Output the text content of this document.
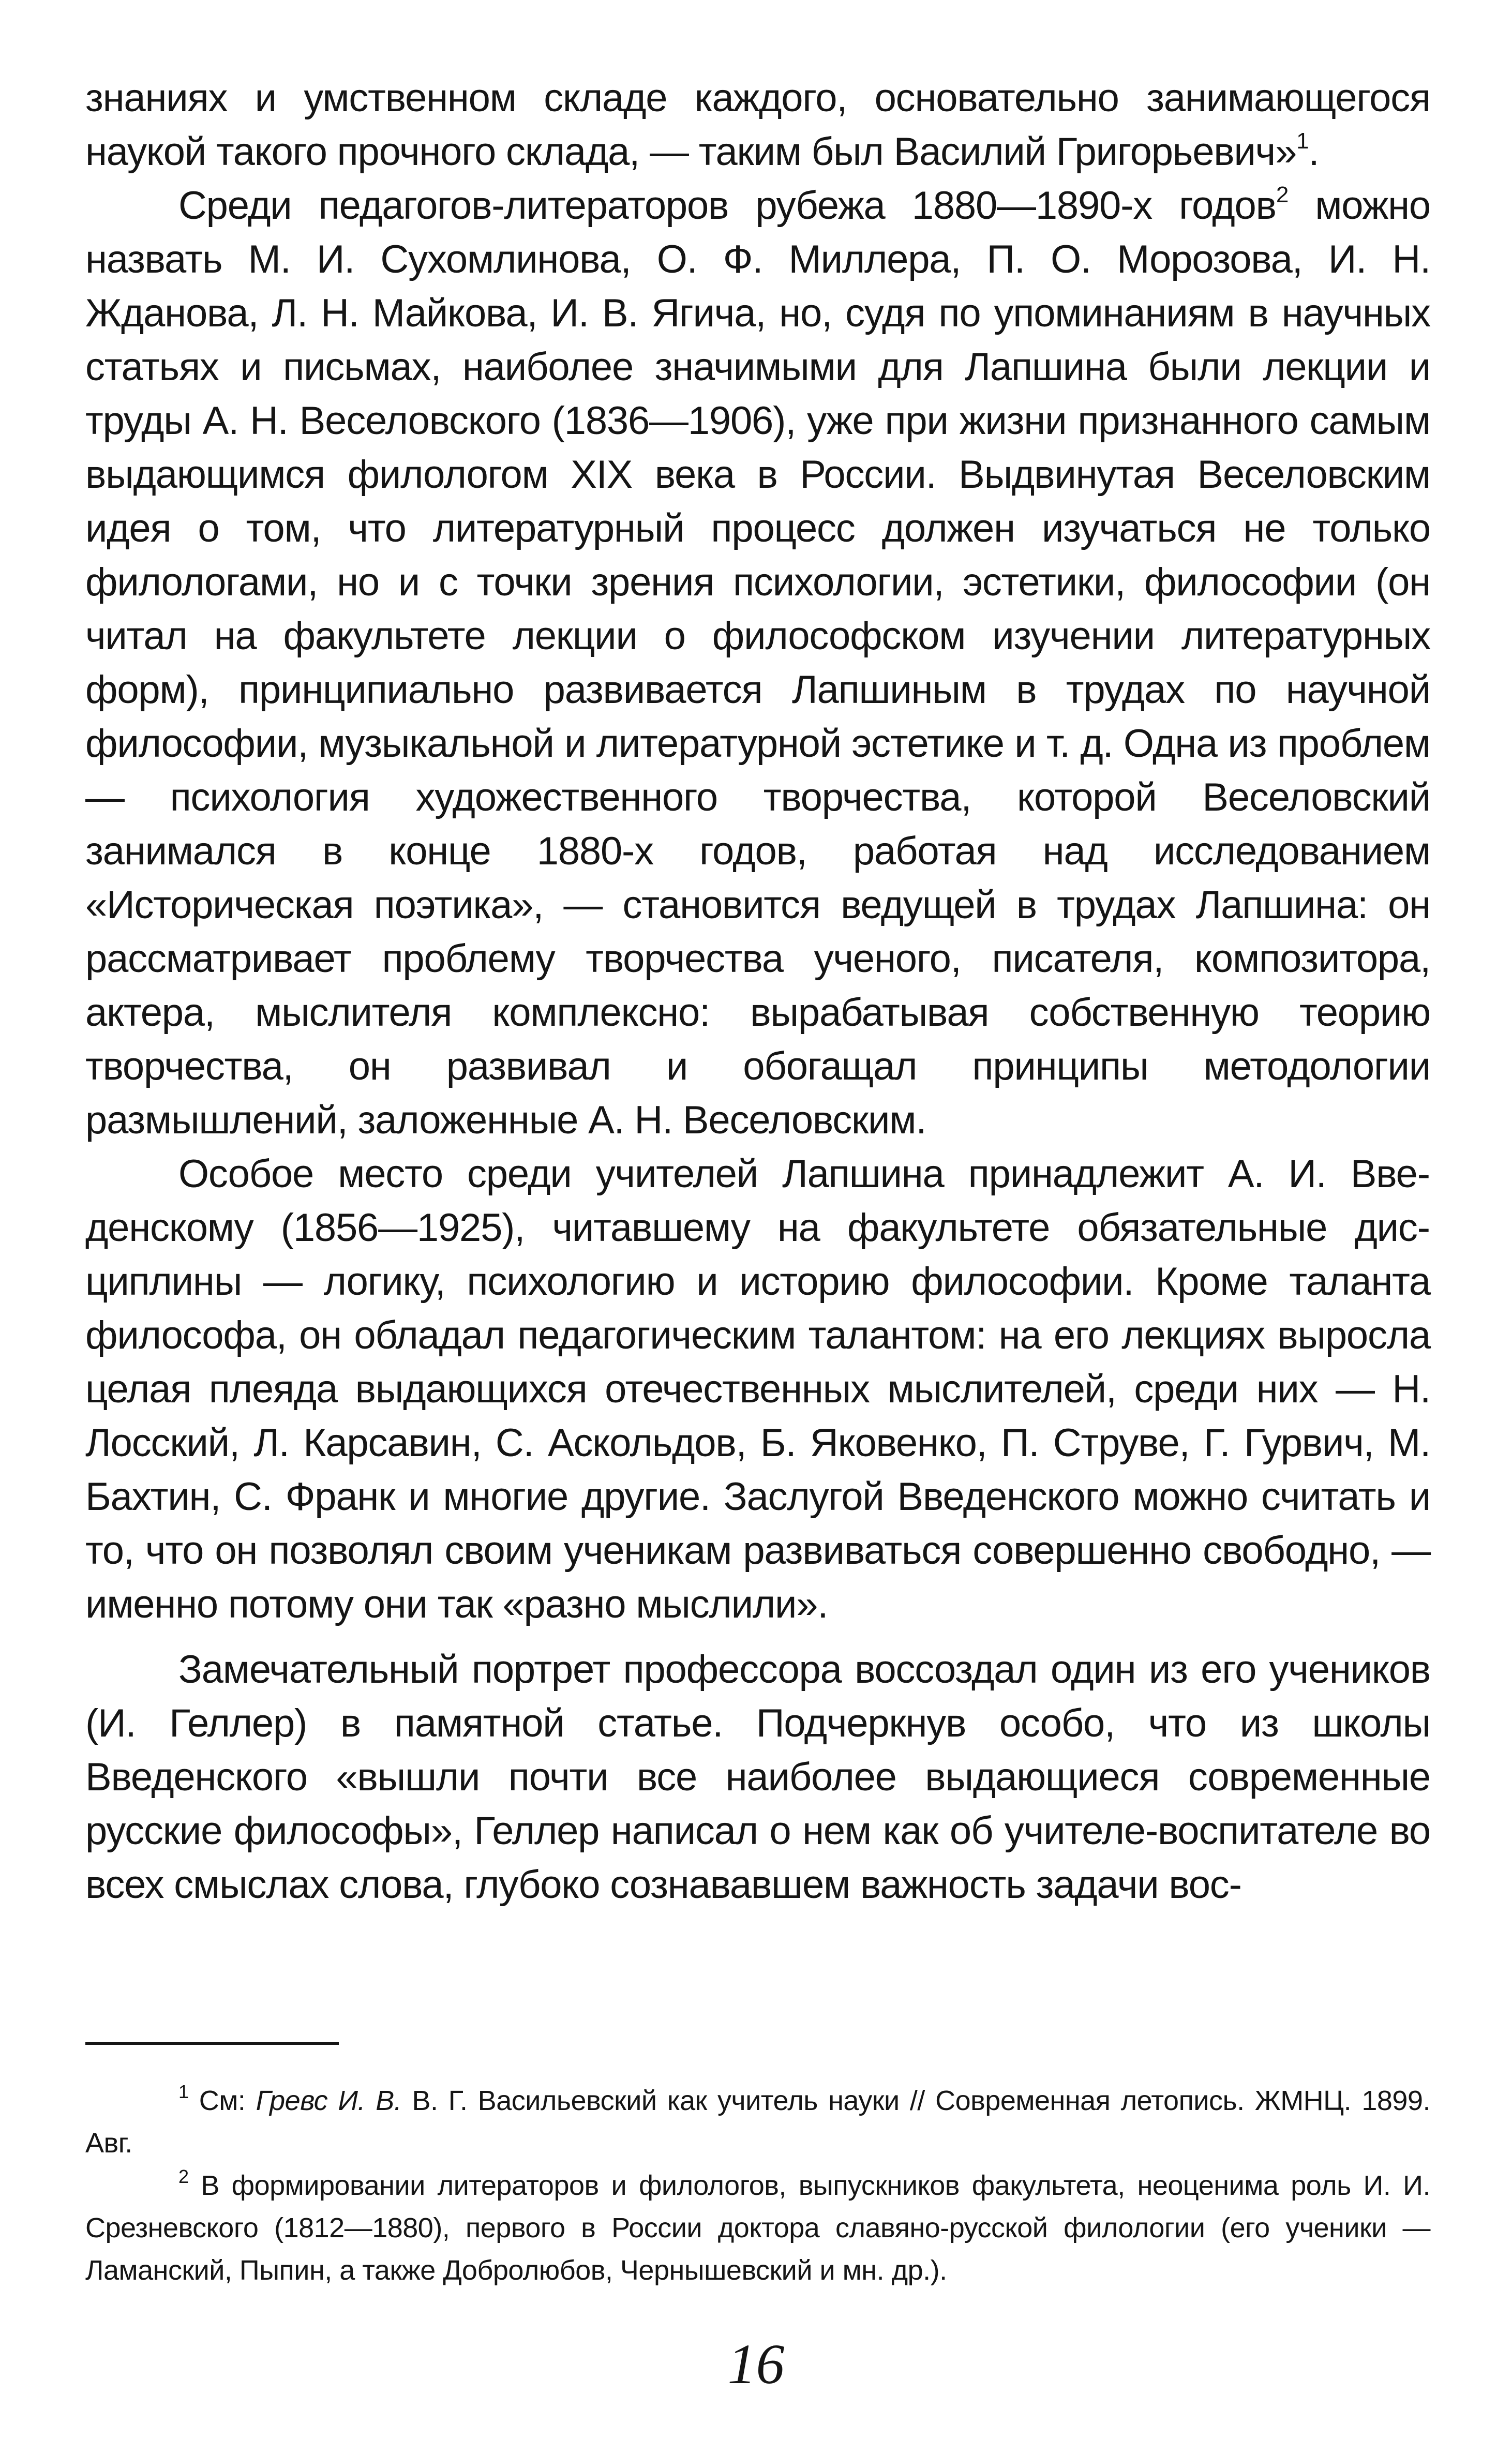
знаниях и умственном складе каждого, основательно занимающегося наукой такого прочного склада, — таким был Василий Григорьевич»$^1$.

Среди педагогов-литераторов рубежа 1880—1890-х годов$^2$ можно назвать М. И. Сухомлинова, О. Ф. Миллера, П. О. Морозова, И. Н. Жданова, Л. Н. Майкова, И. В. Ягича, но, судя по упоминаниям в научных статьях и письмах, наиболее значимыми для Лапшина были лекции и труды А. Н. Веселовского (1836—1906), уже при жизни признанного самым выдающимся филологом XIX века в России. Выдвинутая Веселовским идея о том, что литературный процесс должен изучаться не только филологами, но и с точки зрения психологии, эстетики, философии (он читал на факультете лекции о философском изучении литературных форм), принципиально развивается Лапшиным в трудах по научной философии, музыкальной и литературной эстетике и т. д. Одна из проблем — психология художественного творчества, которой Веселовский занимался в конце 1880-х годов, работая над исследованием «Историческая поэтика», — становится ведущей в трудах Лапшина: он рассматривает проблему творчества ученого, писателя, композитора, актера, мыслителя комплексно: вырабатывая собственную теорию творчества, он развивал и обогащал принципы методологии размышлений, заложенные А. Н. Веселовским.

Особое место среди учителей Лапшина принадлежит А. И. Введенскому (1856—1925), читавшему на факультете обязательные дисциплины — логику, психологию и историю философии. Кроме таланта философа, он обладал педагогическим талантом: на его лекциях выросла целая плеяда выдающихся отечественных мыслителей, среди них — Н. Лосский, Л. Карсавин, С. Аскольдов, Б. Яковенко, П. Струве, Г. Гурвич, М. Бахтин, С. Франк и многие другие. Заслугой Введенского можно считать и то, что он позволял своим ученикам развиваться совершенно свободно, — именно потому они так «разно мыслили».

Замечательный портрет профессора воссоздал один из его учеников (И. Геллер) в памятной статье. Подчеркнув особо, что из школы Введенского «вышли почти все наиболее выдающиеся современные русские философы», Геллер написал о нем как об учителе-воспитателе во всех смыслах слова, глубоко сознававшем важность задачи вос-

$^1$ См: Гревс И. В. В. Г. Васильевский как учитель науки // Современная летопись. ЖМНЦ. 1899. Авг.

$^2$ В формировании литераторов и филологов, выпускников факультета, неоценима роль И. И. Срезневского (1812—1880), первого в России доктора славяно-русской филологии (его ученики — Ламанский, Пыпин, а также Добролюбов, Чернышевский и мн. др.).

16
